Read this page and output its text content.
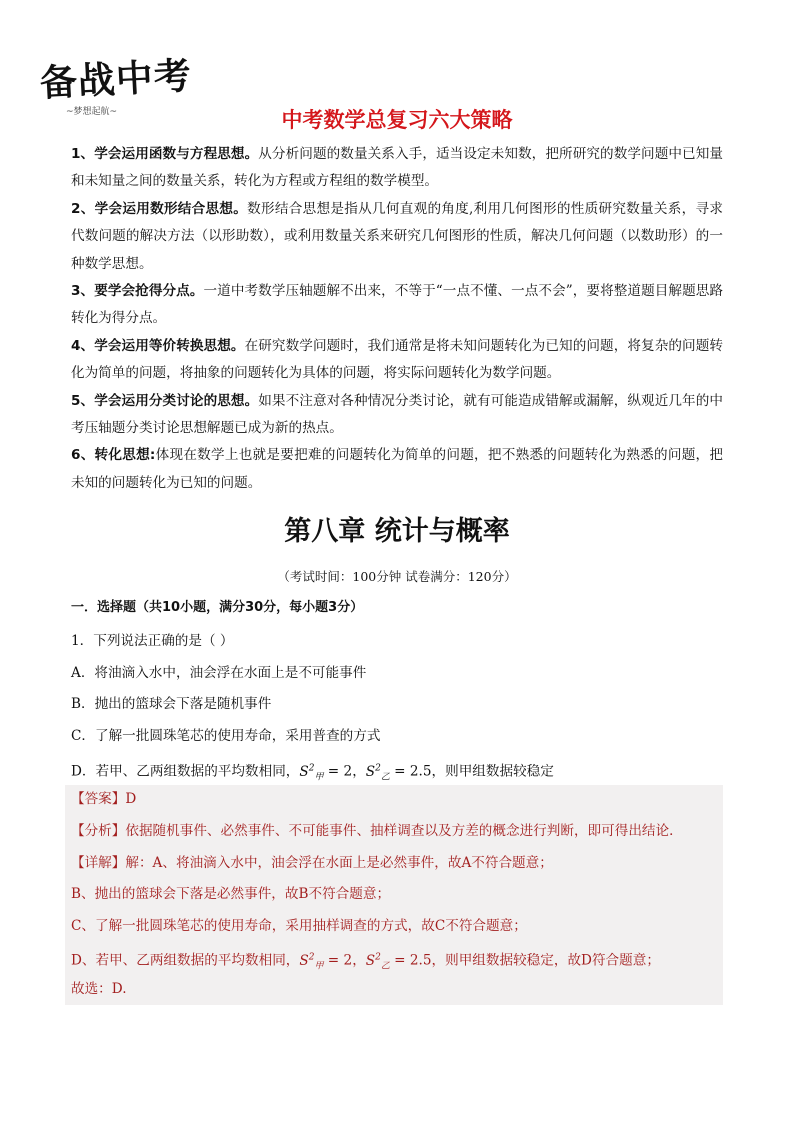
备战中考
~梦想起航~	中考数学总复习六大策略

1、学会运用函数与方程思想。从分析问题的数量关系入手，适当设定未知数，把所研究的数学问题中已知量和未知量之间的数量关系，转化为方程或方程组的数学模型。

2、学会运用数形结合思想。数形结合思想是指从几何直观的角度,利用几何图形的性质研究数量关系，寻求代数问题的解决方法（以形助数），或利用数量关系来研究几何图形的性质，解决几何问题（以数助形）的一种数学思想。

3、要学会抢得分点。一道中考数学压轴题解不出来，不等于“一点不懂、一点不会”，要将整道题目解题思路转化为得分点。

4、学会运用等价转换思想。在研究数学问题时，我们通常是将未知问题转化为已知的问题，将复杂的问题转化为简单的问题，将抽象的问题转化为具体的问题，将实际问题转化为数学问题。

5、学会运用分类讨论的思想。如果不注意对各种情况分类讨论，就有可能造成错解或漏解，纵观近几年的中考压轴题分类讨论思想解题已成为新的热点。

6、转化思想:体现在数学上也就是要把难的问题转化为简单的问题，把不熟悉的问题转化为熟悉的问题，把未知的问题转化为已知的问题。

第八章 统计与概率
（考试时间：100分钟 试卷满分：120分）
一．选择题（共10小题，满分30分，每小题3分）
1．下列说法正确的是（ ）
A．将油滴入水中，油会浮在水面上是不可能事件
B．抛出的篮球会下落是随机事件
C．了解一批圆珠笔芯的使用寿命，采用普查的方式
D．若甲、乙两组数据的平均数相同，$S^2_甲 = 2$，$S^2_乙 = 2.5$，则甲组数据较稳定
【答案】D
【分析】依据随机事件、必然事件、不可能事件、抽样调查以及方差的概念进行判断，即可得出结论．
【详解】解：A、将油滴入水中，油会浮在水面上是必然事件，故A不符合题意；
B、抛出的篮球会下落是必然事件，故B不符合题意；
C、了解一批圆珠笔芯的使用寿命，采用抽样调查的方式，故C不符合题意；
D、若甲、乙两组数据的平均数相同，$S^2_甲 = 2$，$S^2_乙 = 2.5$，则甲组数据较稳定，故D符合题意；
故选：D.
